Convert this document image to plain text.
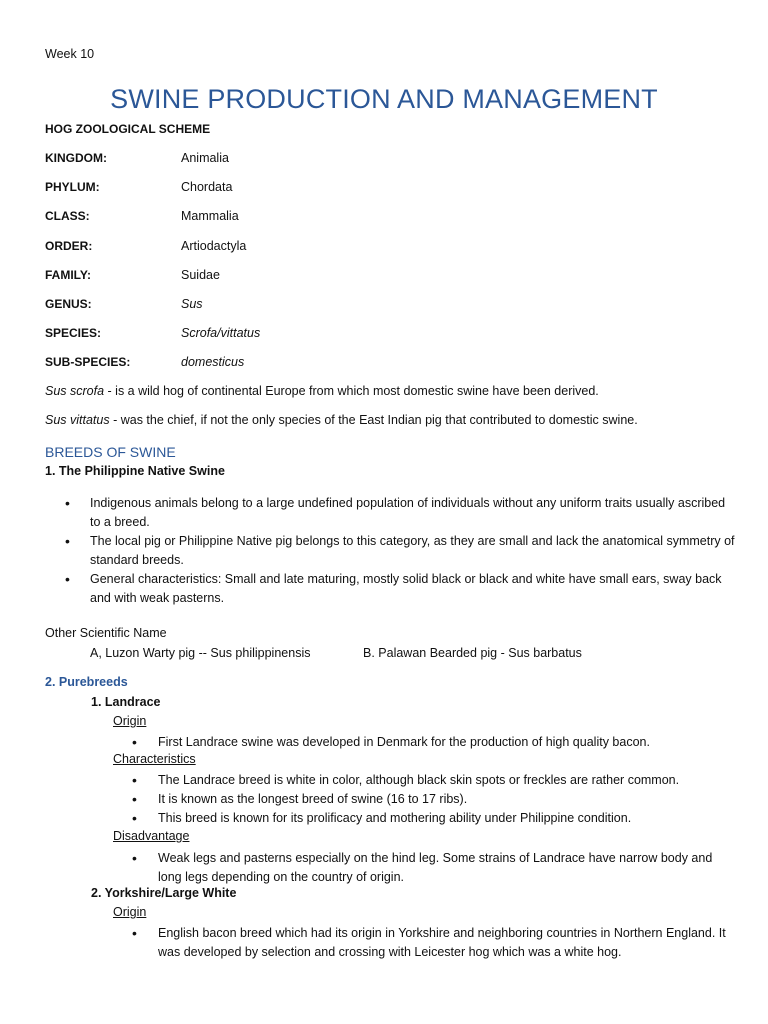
Week 10
SWINE PRODUCTION AND MANAGEMENT
HOG ZOOLOGICAL SCHEME
KINGDOM:	Animalia
PHYLUM:	Chordata
CLASS:	Mammalia
ORDER:	Artiodactyla
FAMILY:	Suidae
GENUS:	Sus
SPECIES:	Scrofa/vittatus
SUB-SPECIES:	domesticus
Sus scrofa - is a wild hog of continental Europe from which most domestic swine have been derived.
Sus vittatus - was the chief, if not the only species of the East Indian pig that contributed to domestic swine.
BREEDS OF SWINE
1. The Philippine Native Swine
• Indigenous animals belong to a large undefined population of individuals without any uniform traits usually ascribed to a breed.
• The local pig or Philippine Native pig belongs to this category, as they are small and lack the anatomical symmetry of standard breeds.
• General characteristics: Small and late maturing, mostly solid black or black and white have small ears, sway back and with weak pasterns.
Other Scientific Name
A, Luzon Warty pig -- Sus philippinensis	B. Palawan Bearded pig - Sus barbatus
2. Purebreeds
1. Landrace
Origin
• First Landrace swine was developed in Denmark for the production of high quality bacon.
Characteristics
• The Landrace breed is white in color, although black skin spots or freckles are rather common.
• It is known as the longest breed of swine (16 to 17 ribs).
• This breed is known for its prolificacy and mothering ability under Philippine condition.
Disadvantage
• Weak legs and pasterns especially on the hind leg. Some strains of Landrace have narrow body and long legs depending on the country of origin.
2. Yorkshire/Large White
Origin
• English bacon breed which had its origin in Yorkshire and neighboring countries in Northern England. It was developed by selection and crossing with Leicester hog which was a white hog.
